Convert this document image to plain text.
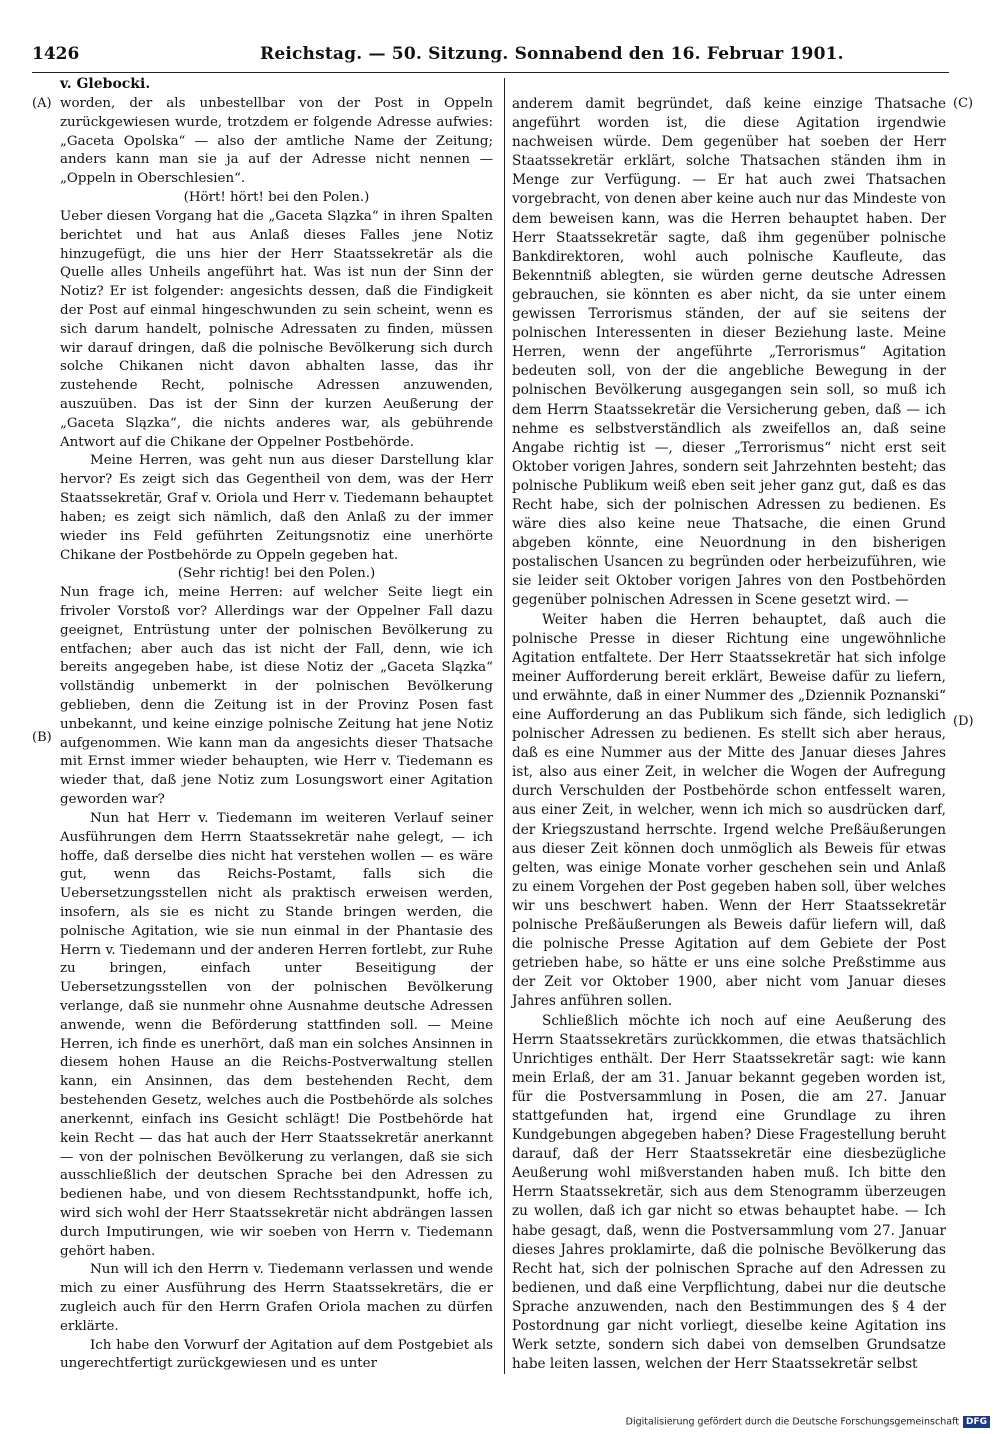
1426	Reichstag. — 50. Sitzung. Sonnabend den 16. Februar 1901.
v. Glebocki.
(A)
(B)
(C)
(D)

worden, der als unbestellbar von der Post in Oppeln zurückgewiesen wurde, trotzdem er folgende Adresse aufwies: „Gaceta Opolska“ — also der amtliche Name der Zeitung; anders kann man sie ja auf der Adresse nicht nennen — „Oppeln in Oberschlesien“.

(Hört! hört! bei den Polen.)

Ueber diesen Vorgang hat die „Gaceta Slązka“ in ihren Spalten berichtet und hat aus Anlaß dieses Falles jene Notiz hinzugefügt, die uns hier der Herr Staatssekretär als die Quelle alles Unheils angeführt hat. Was ist nun der Sinn der Notiz? Er ist folgender: angesichts dessen, daß die Findigkeit der Post auf einmal hingeschwunden zu sein scheint, wenn es sich darum handelt, polnische Adressaten zu finden, müssen wir darauf dringen, daß die polnische Bevölkerung sich durch solche Chikanen nicht davon abhalten lasse, das ihr zustehende Recht, polnische Adressen anzuwenden, auszuüben. Das ist der Sinn der kurzen Aeußerung der „Gaceta Slązka“, die nichts anderes war, als gebührende Antwort auf die Chikane der Oppelner Postbehörde.

Meine Herren, was geht nun aus dieser Darstellung klar hervor? Es zeigt sich das Gegentheil von dem, was der Herr Staatssekretär, Graf v. Oriola und Herr v. Tiedemann behauptet haben; es zeigt sich nämlich, daß den Anlaß zu der immer wieder ins Feld geführten Zeitungsnotiz eine unerhörte Chikane der Postbehörde zu Oppeln gegeben hat.

(Sehr richtig! bei den Polen.)

Nun frage ich, meine Herren: auf welcher Seite liegt ein frivoler Vorstoß vor? Allerdings war der Oppelner Fall dazu geeignet, Entrüstung unter der polnischen Bevölkerung zu entfachen; aber auch das ist nicht der Fall, denn, wie ich bereits angegeben habe, ist diese Notiz der „Gaceta Slązka“ vollständig unbemerkt in der polnischen Bevölkerung geblieben, denn die Zeitung ist in der Provinz Posen fast unbekannt, und keine einzige polnische Zeitung hat jene Notiz aufgenommen. Wie kann man da angesichts dieser Thatsache mit Ernst immer wieder behaupten, wie Herr v. Tiedemann es wieder that, daß jene Notiz zum Losungswort einer Agitation geworden war?

Nun hat Herr v. Tiedemann im weiteren Verlauf seiner Ausführungen dem Herrn Staatssekretär nahe gelegt, — ich hoffe, daß derselbe dies nicht hat verstehen wollen — es wäre gut, wenn das Reichs-Postamt, falls sich die Uebersetzungsstellen nicht als praktisch erweisen werden, insofern, als sie es nicht zu Stande bringen werden, die polnische Agitation, wie sie nun einmal in der Phantasie des Herrn v. Tiedemann und der anderen Herren fortlebt, zur Ruhe zu bringen, einfach unter Beseitigung der Uebersetzungsstellen von der polnischen Bevölkerung verlange, daß sie nunmehr ohne Ausnahme deutsche Adressen anwende, wenn die Beförderung stattfinden soll. — Meine Herren, ich finde es unerhört, daß man ein solches Ansinnen in diesem hohen Hause an die Reichs-Postverwaltung stellen kann, ein Ansinnen, das dem bestehenden Recht, dem bestehenden Gesetz, welches auch die Postbehörde als solches anerkennt, einfach ins Gesicht schlägt! Die Postbehörde hat kein Recht — das hat auch der Herr Staatssekretär anerkannt — von der polnischen Bevölkerung zu verlangen, daß sie sich ausschließlich der deutschen Sprache bei den Adressen zu bedienen habe, und von diesem Rechtsstandpunkt, hoffe ich, wird sich wohl der Herr Staatssekretär nicht abdrängen lassen durch Imputirungen, wie wir soeben von Herrn v. Tiedemann gehört haben.

Nun will ich den Herrn v. Tiedemann verlassen und wende mich zu einer Ausführung des Herrn Staatssekretärs, die er zugleich auch für den Herrn Grafen Oriola machen zu dürfen erklärte.

Ich habe den Vorwurf der Agitation auf dem Postgebiet als ungerechtfertigt zurückgewiesen und es unter

anderem damit begründet, daß keine einzige Thatsache angeführt worden ist, die diese Agitation irgendwie nachweisen würde. Dem gegenüber hat soeben der Herr Staatssekretär erklärt, solche Thatsachen ständen ihm in Menge zur Verfügung. — Er hat auch zwei Thatsachen vorgebracht, von denen aber keine auch nur das Mindeste von dem beweisen kann, was die Herren behauptet haben. Der Herr Staatssekretär sagte, daß ihm gegenüber polnische Bankdirektoren, wohl auch polnische Kaufleute, das Bekenntniß ablegten, sie würden gerne deutsche Adressen gebrauchen, sie könnten es aber nicht, da sie unter einem gewissen Terrorismus ständen, der auf sie seitens der polnischen Interessenten in dieser Beziehung laste. Meine Herren, wenn der angeführte „Terrorismus“ Agitation bedeuten soll, von der die angebliche Bewegung in der polnischen Bevölkerung ausgegangen sein soll, so muß ich dem Herrn Staatssekretär die Versicherung geben, daß — ich nehme es selbstverständlich als zweifellos an, daß seine Angabe richtig ist —, dieser „Terrorismus“ nicht erst seit Oktober vorigen Jahres, sondern seit Jahrzehnten besteht; das polnische Publikum weiß eben seit jeher ganz gut, daß es das Recht habe, sich der polnischen Adressen zu bedienen. Es wäre dies also keine neue Thatsache, die einen Grund abgeben könnte, eine Neuordnung in den bisherigen postalischen Usancen zu begründen oder herbeizuführen, wie sie leider seit Oktober vorigen Jahres von den Postbehörden gegenüber polnischen Adressen in Scene gesetzt wird. —

Weiter haben die Herren behauptet, daß auch die polnische Presse in dieser Richtung eine ungewöhnliche Agitation entfaltete. Der Herr Staatssekretär hat sich infolge meiner Aufforderung bereit erklärt, Beweise dafür zu liefern, und erwähnte, daß in einer Nummer des „Dziennik Poznanski“ eine Aufforderung an das Publikum sich fände, sich lediglich polnischer Adressen zu bedienen. Es stellt sich aber heraus, daß es eine Nummer aus der Mitte des Januar dieses Jahres ist, also aus einer Zeit, in welcher die Wogen der Aufregung durch Verschulden der Postbehörde schon entfesselt waren, aus einer Zeit, in welcher, wenn ich mich so ausdrücken darf, der Kriegszustand herrschte. Irgend welche Preßäußerungen aus dieser Zeit können doch unmöglich als Beweis für etwas gelten, was einige Monate vorher geschehen sein und Anlaß zu einem Vorgehen der Post gegeben haben soll, über welches wir uns beschwert haben. Wenn der Herr Staatssekretär polnische Preßäußerungen als Beweis dafür liefern will, daß die polnische Presse Agitation auf dem Gebiete der Post getrieben habe, so hätte er uns eine solche Preßstimme aus der Zeit vor Oktober 1900, aber nicht vom Januar dieses Jahres anführen sollen.

Schließlich möchte ich noch auf eine Aeußerung des Herrn Staatssekretärs zurückkommen, die etwas thatsächlich Unrichtiges enthält. Der Herr Staatssekretär sagt: wie kann mein Erlaß, der am 31. Januar bekannt gegeben worden ist, für die Postversammlung in Posen, die am 27. Januar stattgefunden hat, irgend eine Grundlage zu ihren Kundgebungen abgegeben haben? Diese Fragestellung beruht darauf, daß der Herr Staatssekretär eine diesbezügliche Aeußerung wohl mißverstanden haben muß. Ich bitte den Herrn Staatssekretär, sich aus dem Stenogramm überzeugen zu wollen, daß ich gar nicht so etwas behauptet habe. — Ich habe gesagt, daß, wenn die Postversammlung vom 27. Januar dieses Jahres proklamirte, daß die polnische Bevölkerung das Recht hat, sich der polnischen Sprache auf den Adressen zu bedienen, und daß eine Verpflichtung, dabei nur die deutsche Sprache anzuwenden, nach den Bestimmungen des § 4 der Postordnung gar nicht vorliegt, dieselbe keine Agitation ins Werk setzte, sondern sich dabei von demselben Grundsatze habe leiten lassen, welchen der Herr Staatssekretär selbst

Digitalisierung gefördert durch die Deutsche Forschungsgemeinschaft DFG
